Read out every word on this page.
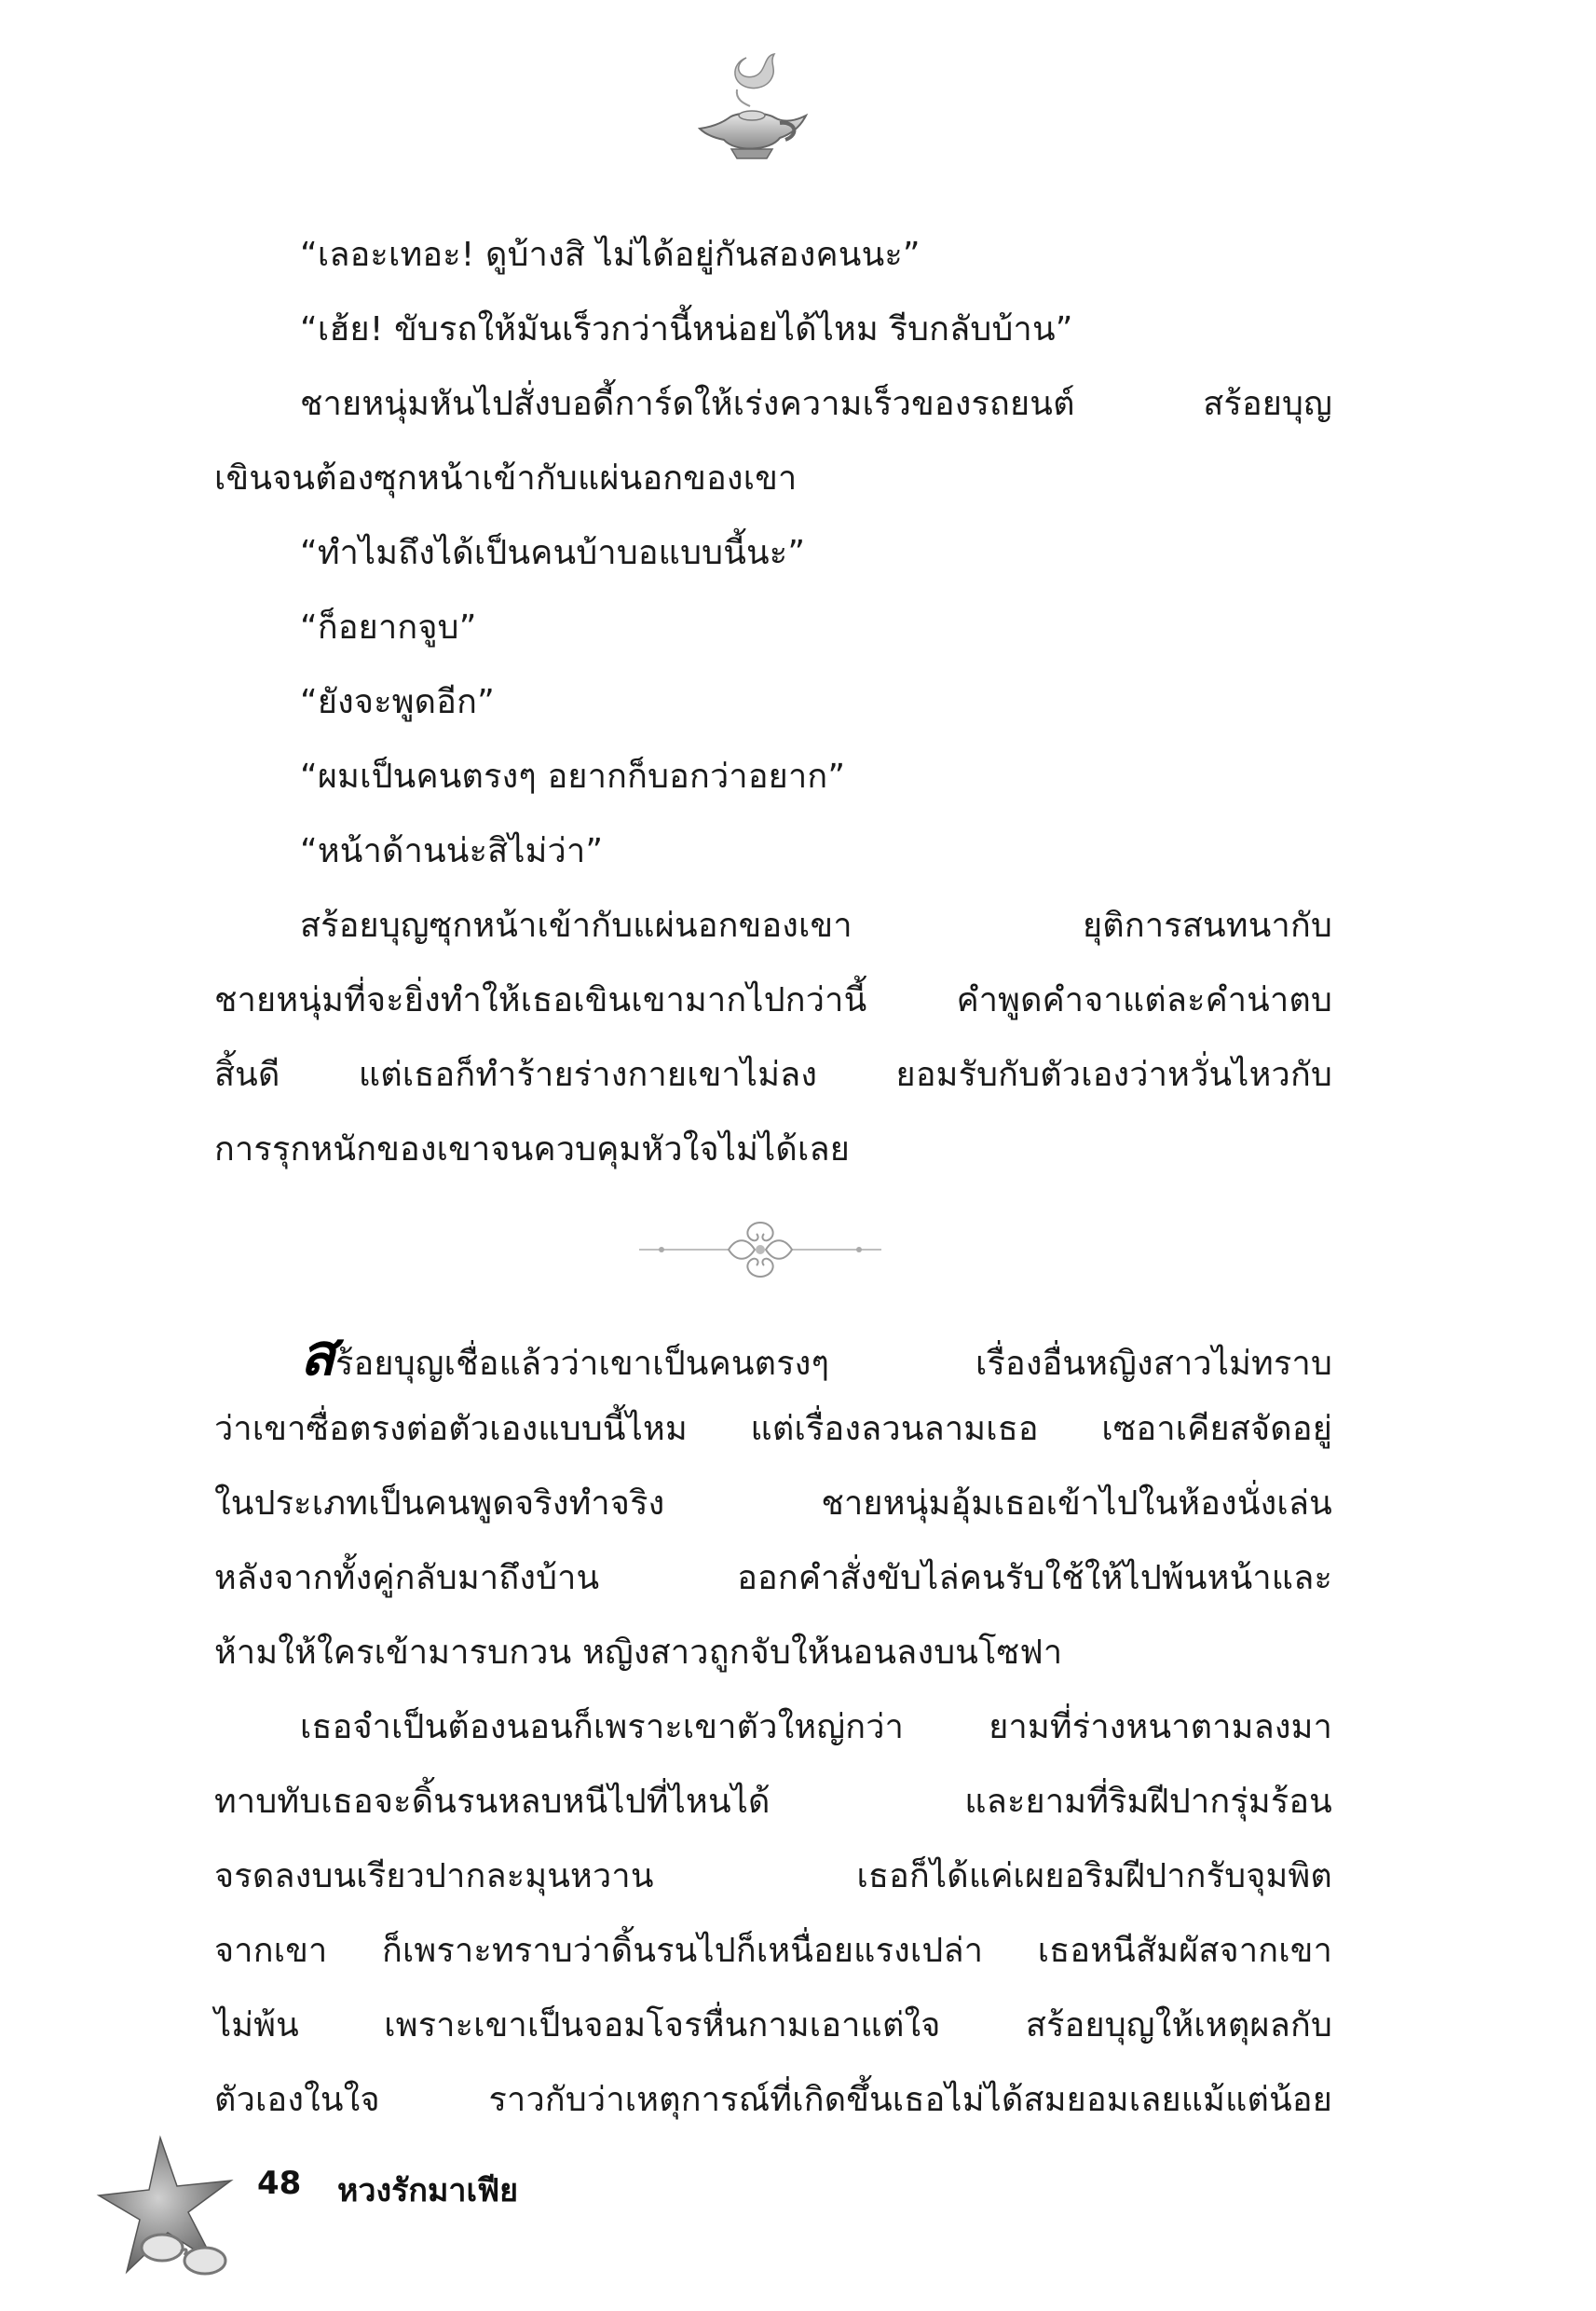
“เลอะเทอะ! ดูบ้างสิ ไม่ได้อยู่กันสองคนนะ”
“เฮ้ย! ขับรถให้มันเร็วกว่านี้หน่อยได้ไหม รีบกลับบ้าน”
ชายหนุ่มหันไปสั่งบอดี้การ์ดให้เร่งความเร็วของรถยนต์ สร้อยบุญ
เขินจนต้องซุกหน้าเข้ากับแผ่นอกของเขา
“ทำไมถึงได้เป็นคนบ้าบอแบบนี้นะ”
“ก็อยากจูบ”
“ยังจะพูดอีก”
“ผมเป็นคนตรงๆ อยากก็บอกว่าอยาก”
“หน้าด้านน่ะสิไม่ว่า”
สร้อยบุญซุกหน้าเข้ากับแผ่นอกของเขา ยุติการสนทนากับ
ชายหนุ่มที่จะยิ่งทำให้เธอเขินเขามากไปกว่านี้ คำพูดคำจาแต่ละคำน่าตบ
สิ้นดี แต่เธอก็ทำร้ายร่างกายเขาไม่ลง ยอมรับกับตัวเองว่าหวั่นไหวกับ
การรุกหนักของเขาจนควบคุมหัวใจไม่ได้เลย
สร้อยบุญเชื่อแล้วว่าเขาเป็นคนตรงๆ เรื่องอื่นหญิงสาวไม่ทราบ
ว่าเขาซื่อตรงต่อตัวเองแบบนี้ไหม แต่เรื่องลวนลามเธอ เซอาเคียสจัดอยู่
ในประเภทเป็นคนพูดจริงทำจริง ชายหนุ่มอุ้มเธอเข้าไปในห้องนั่งเล่น
หลังจากทั้งคู่กลับมาถึงบ้าน ออกคำสั่งขับไล่คนรับใช้ให้ไปพ้นหน้าและ
ห้ามให้ใครเข้ามารบกวน หญิงสาวถูกจับให้นอนลงบนโซฟา
เธอจำเป็นต้องนอนก็เพราะเขาตัวใหญ่กว่า ยามที่ร่างหนาตามลงมา
ทาบทับเธอจะดิ้นรนหลบหนีไปที่ไหนได้ และยามที่ริมฝีปากรุ่มร้อน
จรดลงบนเรียวปากละมุนหวาน เธอก็ได้แค่เผยอริมฝีปากรับจุมพิต
จากเขา ก็เพราะทราบว่าดิ้นรนไปก็เหนื่อยแรงเปล่า เธอหนีสัมผัสจากเขา
ไม่พ้น เพราะเขาเป็นจอมโจรหื่นกามเอาแต่ใจ สร้อยบุญให้เหตุผลกับ
ตัวเองในใจ ราวกับว่าเหตุการณ์ที่เกิดขึ้นเธอไม่ได้สมยอมเลยแม้แต่น้อย
48 หวงรักมาเฟีย
